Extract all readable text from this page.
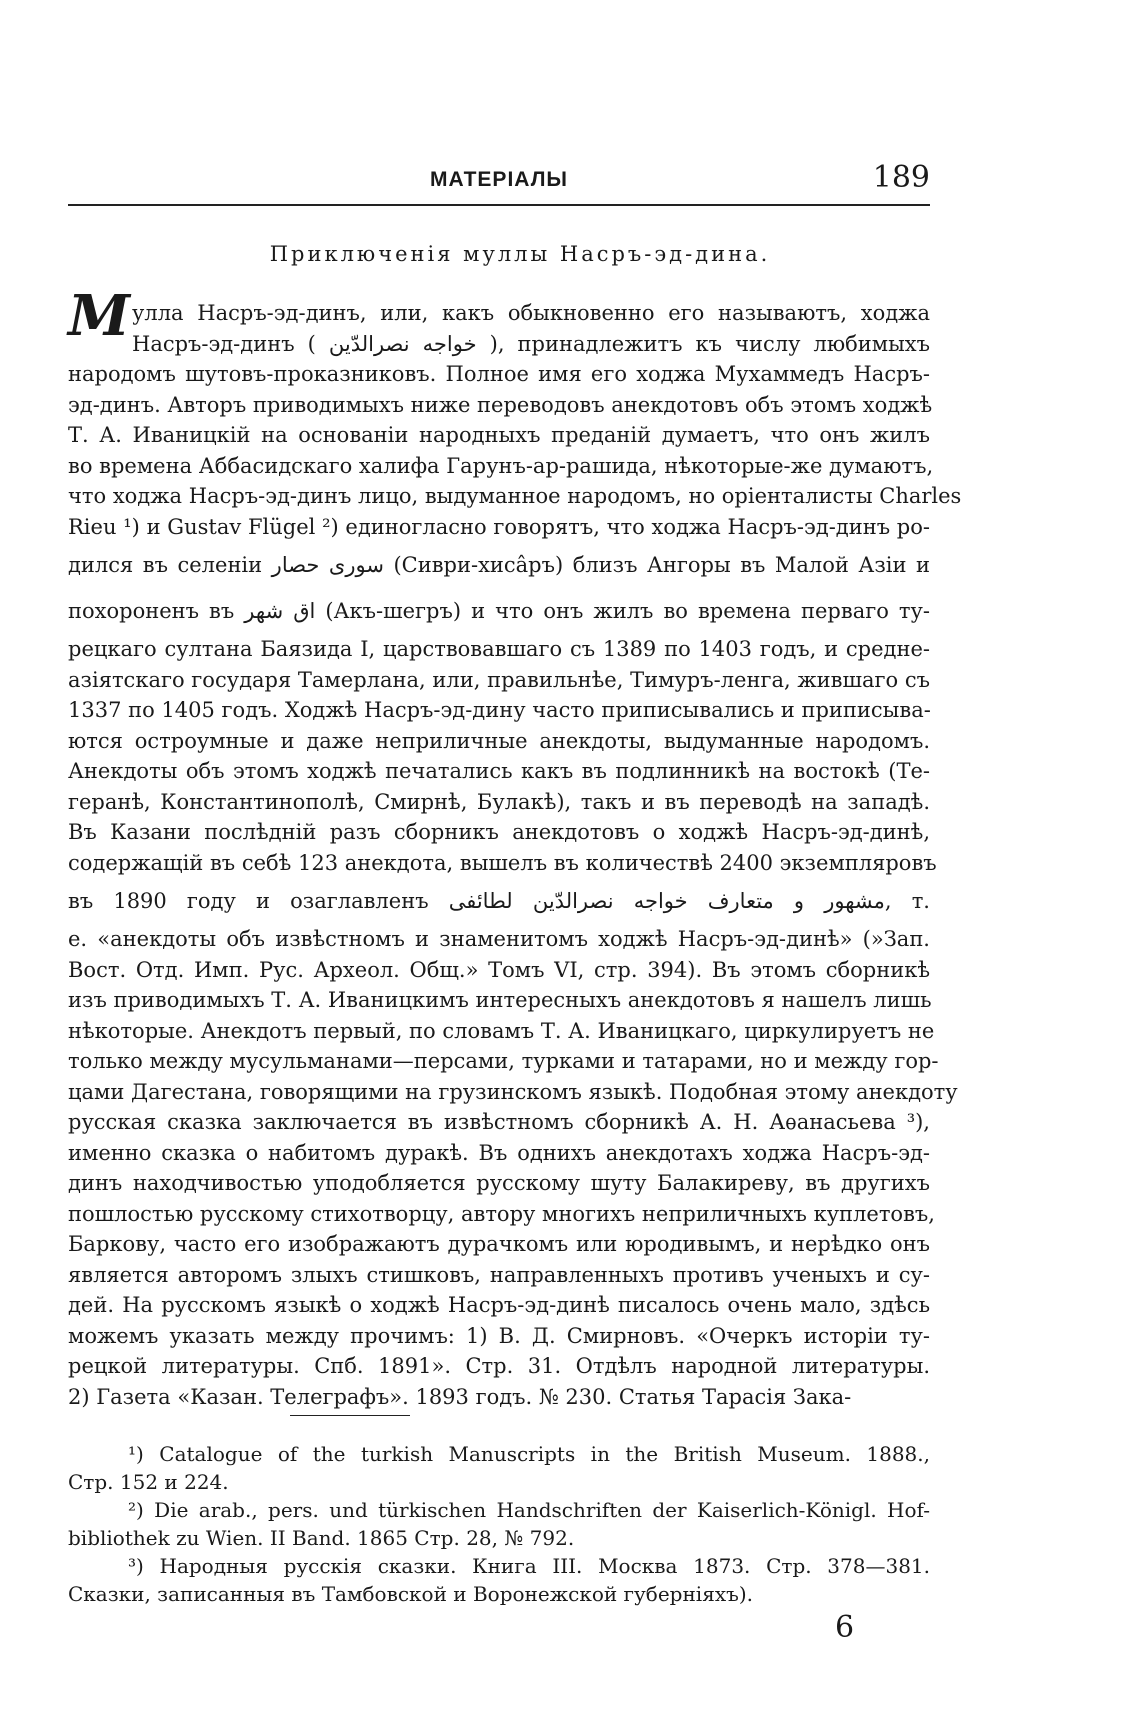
МАТЕРІАЛЫ	189
Приключенія муллы Насръ-эд-дина.
М улла Насръ-эд-динъ, или, какъ обыкновенно его называютъ, ходжа
Насръ-эд-динъ ( خواجه نصرالدّين ), принадлежитъ къ числу любимыхъ
народомъ шутовъ-проказниковъ. Полное имя его ходжа Мухаммедъ Насръ-
эд-динъ. Авторъ приводимыхъ ниже переводовъ анекдотовъ объ этомъ ходжѣ
Т. А. Иваницкій на основаніи народныхъ преданій думаетъ, что онъ жилъ
во времена Аббасидскаго халифа Гарунъ-ар-рашида, нѣкоторые-же думаютъ,
что ходжа Насръ-эд-динъ лицо, выдуманное народомъ, но оріенталисты Charles
Rieu ¹) и Gustav Flügel ²) единогласно говорятъ, что ходжа Насръ-эд-динъ ро-
дился въ селеніи سورى حصار (Сиври-хисâръ) близъ Ангоры въ Малой Азіи и
похороненъ въ اق شهر (Акъ-шегръ) и что онъ жилъ во времена перваго ту-
рецкаго султана Баязида I, царствовавшаго съ 1389 по 1403 годъ, и средне-
азіятскаго государя Тамерлана, или, правильнѣе, Тимуръ-ленга, жившаго съ
1337 по 1405 годъ. Ходжѣ Насръ-эд-дину часто приписывались и приписыва-
ются остроумные и даже неприличные анекдоты, выдуманные народомъ.
Анекдоты объ этомъ ходжѣ печатались какъ въ подлинникѣ на востокѣ (Те-
геранѣ, Константинополѣ, Смирнѣ, Булакѣ), такъ и въ переводѣ на западѣ.
Въ Казани послѣдній разъ сборникъ анекдотовъ о ходжѣ Насръ-эд-динѣ,
содержащій въ себѣ 123 анекдота, вышелъ въ количествѣ 2400 экземпляровъ
въ 1890 году и озаглавленъ مشهور و متعارف خواجه نصرالدّين لطائفى, т.
е. «анекдоты объ извѣстномъ и знаменитомъ ходжѣ Насръ-эд-динѣ» (»Зап.
Вост. Отд. Имп. Рус. Археол. Общ.» Томъ VI, стр. 394). Въ этомъ сборникѣ
изъ приводимыхъ Т. А. Иваницкимъ интересныхъ анекдотовъ я нашелъ лишь
нѣкоторые. Анекдотъ первый, по словамъ Т. А. Иваницкаго, циркулируетъ не
только между мусульманами—персами, турками и татарами, но и между гор-
цами Дагестана, говорящими на грузинскомъ языкѣ. Подобная этому анекдоту
русская сказка заключается въ извѣстномъ сборникѣ А. Н. Аѳанасьева ³),
именно сказка о набитомъ дуракѣ. Въ однихъ анекдотахъ ходжа Насръ-эд-
динъ находчивостью уподобляется русскому шуту Балакиреву, въ другихъ
пошлостью русскому стихотворцу, автору многихъ неприличныхъ куплетовъ,
Баркову, часто его изображаютъ дурачкомъ или юродивымъ, и нерѣдко онъ
является авторомъ злыхъ стишковъ, направленныхъ противъ ученыхъ и су-
дей. На русскомъ языкѣ о ходжѣ Насръ-эд-динѣ писалось очень мало, здѣсь
можемъ указать между прочимъ: 1) В. Д. Смирновъ. «Очеркъ исторіи ту-
рецкой литературы. Спб. 1891». Стр. 31. Отдѣлъ народной литературы.
2) Газета «Казан. Телеграфъ». 1893 годъ. № 230. Статья Тарасія Зака-
¹) Catalogue of the turkish Manuscripts in the British Museum. 1888.,
Стр. 152 и 224.
²) Die arab., pers. und türkischen Handschriften der Kaiserlich-Königl. Hof-
bibliothek zu Wien. II Band. 1865 Стр. 28, № 792.
³) Народныя русскія сказки. Книга III. Москва 1873. Стр. 378—381.
Сказки, записанныя въ Тамбовской и Воронежской губерніяхъ).
6
